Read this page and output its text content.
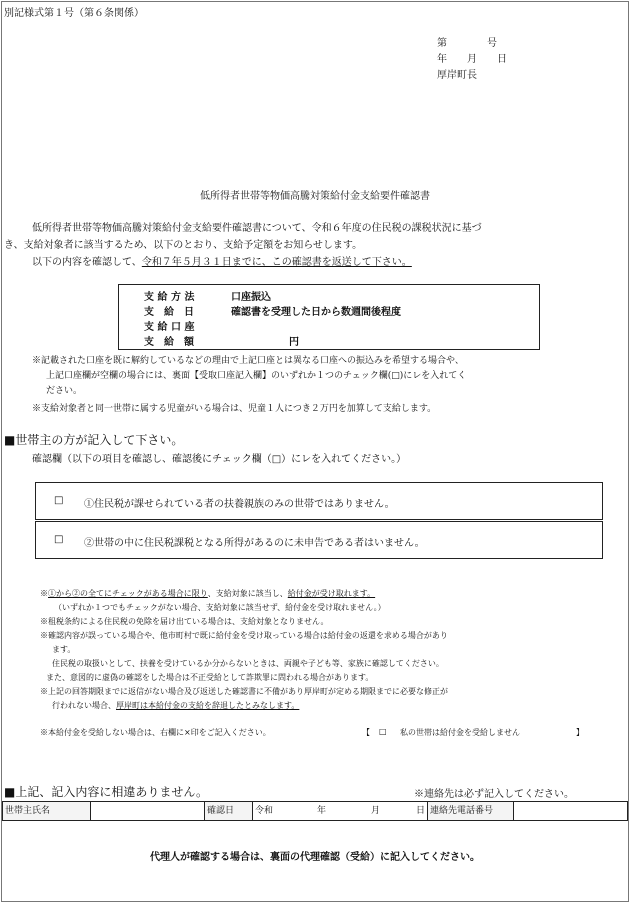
別記様式第１号（第６条関係）
第　　　　号
年　　月　　日
厚岸町長
低所得者世帯等物価高騰対策給付金支給要件確認書
低所得者世帯等物価高騰対策給付金支給要件確認書について、令和６年度の住民税の課税状況に基づ
き、支給対象者に該当するため、以下のとおり、支給予定額をお知らせします。
以下の内容を確認して、令和７年５月３１日までに、この確認書を返送して下さい。
支 給 方 法	口座振込
支　給　日	確認書を受理した日から数週間後程度
支 給 口 座
支　給　額	円
※記載された口座を既に解約しているなどの理由で上記口座とは異なる口座への振込みを希望する場合や、
上記口座欄が空欄の場合には、裏面【受取口座記入欄】のいずれか１つのチェック欄(□)にレを入れてく
ださい。
※支給対象者と同一世帯に属する児童がいる場合は、児童１人につき２万円を加算して支給します。
■世帯主の方が記入して下さい。
確認欄（以下の項目を確認し、確認後にチェック欄（□）にレを入れてください。）
□ ①住民税が課せられている者の扶養親族のみの世帯ではありません。
□ ②世帯の中に住民税課税となる所得があるのに未申告である者はいません。
※①から②の全てにチェックがある場合に限り、支給対象に該当し、給付金が受け取れます。
（いずれか１つでもチェックがない場合、支給対象に該当せず、給付金を受け取れません。）
※租税条約による住民税の免除を届け出ている場合は、支給対象となりません。
※確認内容が誤っている場合や、他市町村で既に給付金を受け取っている場合は給付金の返還を求める場合があり
ます。
住民税の取扱いとして、扶養を受けているか分からないときは、両親や子ども等、家族に確認してください。
また、意図的に虚偽の確認をした場合は不正受給として詐欺罪に問われる場合があります。
※上記の回答期限までに返信がない場合及び返送した確認書に不備があり厚岸町が定める期限までに必要な修正が
行われない場合、厚岸町は本給付金の支給を辞退したとみなします。
※本給付金を受給しない場合は、右欄に×印をご記入ください。	【 □ 私の世帯は給付金を受給しません	】
■上記、記入内容に相違ありません。	※連絡先は必ず記入してください。
世帯主氏名	確認日	令和	年	月	日 連絡先電話番号
代理人が確認する場合は、裏面の代理確認（受給）に記入してください。
